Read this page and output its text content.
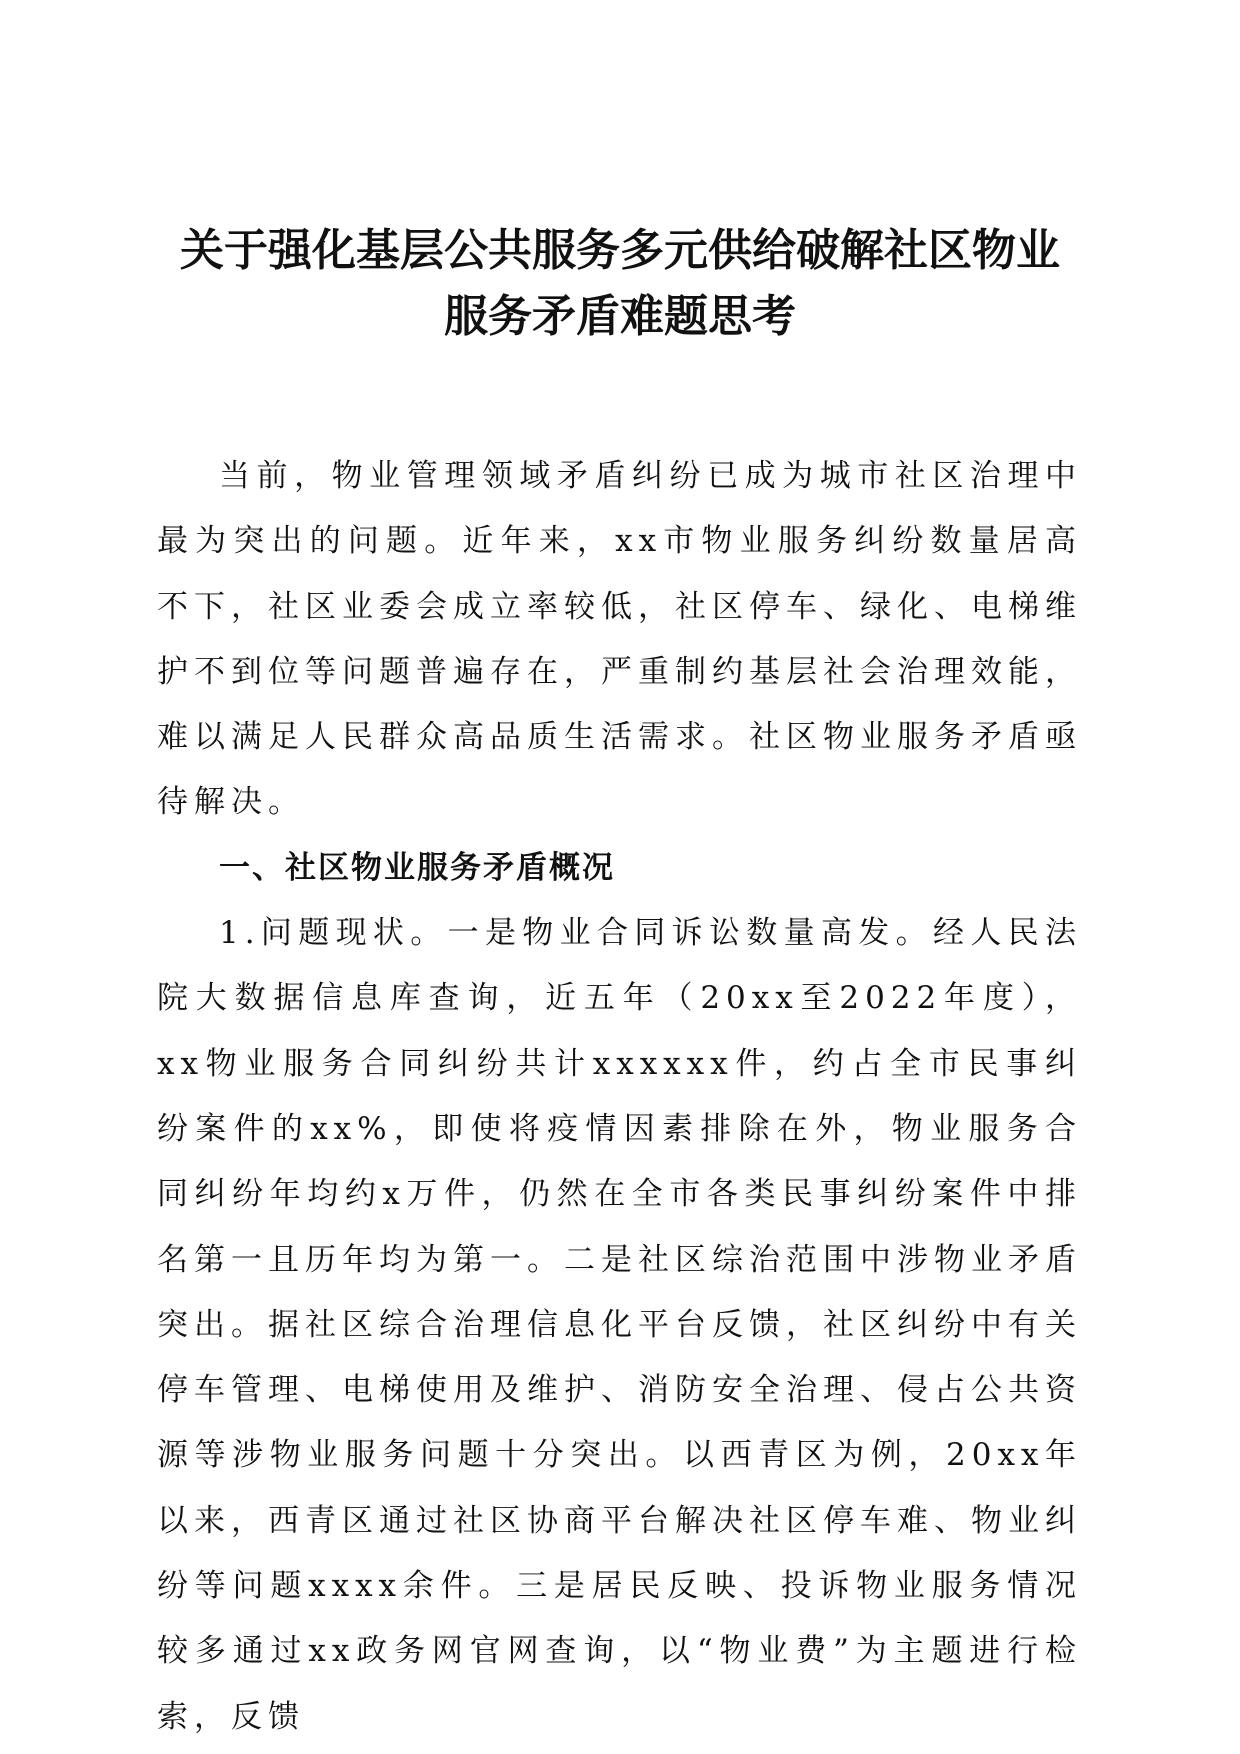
关于强化基层公共服务多元供给破解社区物业
服务矛盾难题思考

当前，物业管理领域矛盾纠纷已成为城市社区治理中最为突出的问题。近年来，xx市物业服务纠纷数量居高不下，社区业委会成立率较低，社区停车、绿化、电梯维护不到位等问题普遍存在，严重制约基层社会治理效能，难以满足人民群众高品质生活需求。社区物业服务矛盾亟待解决。

一、社区物业服务矛盾概况

1.问题现状。一是物业合同诉讼数量高发。经人民法院大数据信息库查询，近五年（20xx至2022年度），xx物业服务合同纠纷共计xxxxxx件，约占全市民事纠纷案件的xx%，即使将疫情因素排除在外，物业服务合同纠纷年均约x万件，仍然在全市各类民事纠纷案件中排名第一且历年均为第一。二是社区综治范围中涉物业矛盾突出。据社区综合治理信息化平台反馈，社区纠纷中有关停车管理、电梯使用及维护、消防安全治理、侵占公共资源等涉物业服务问题十分突出。以西青区为例，20xx年以来，西青区通过社区协商平台解决社区停车难、物业纠纷等问题xxxx余件。三是居民反映、投诉物业服务情况较多通过xx政务网官网查询，以“物业费”为主题进行检索，反馈
